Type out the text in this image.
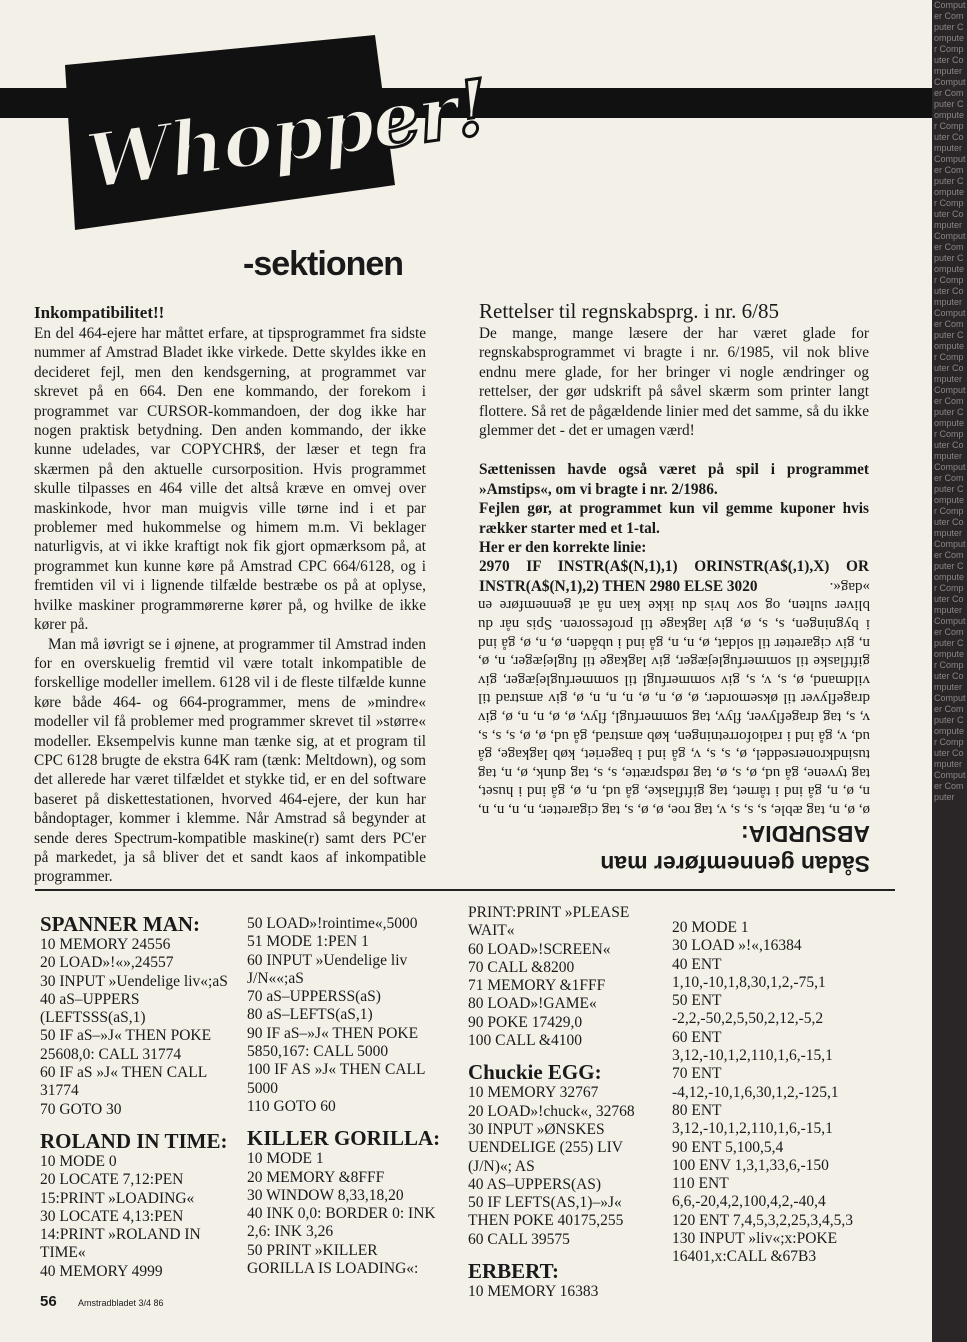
Computer Computer Computer Computer Computer Computer Computer Computer Computer Computer Computer Computer Computer Computer Computer Computer Computer Computer Computer Computer Computer Computer Computer Computer Computer Computer Computer Computer Computer Computer Computer Computer Computer Computer Computer Computer Computer Computer Computer Computer Computer Computer Computer Computer Computer Computer Computer Computer Computer Computer Computer Computer
Whopper!
-sektionen
Inkompatibilitet!!

En del 464-ejere har måttet erfare, at tipsprogrammet fra sidste nummer af Amstrad Bladet ikke virkede. Dette skyldes ikke en decideret fejl, men den kendsgerning, at programmet var skrevet på en 664. Den ene kommando, der forekom i programmet var CURSOR-kommandoen, der dog ikke har nogen praktisk betydning. Den anden kommando, der ikke kunne udelades, var COPYCHR$, der læser et tegn fra skærmen på den aktuelle cursorposition. Hvis programmet skulle tilpasses en 464 ville det altså kræve en omvej over maskinkode, hvor man muigvis ville tørne ind i et par problemer med hukommelse og himem m.m. Vi beklager naturligvis, at vi ikke kraftigt nok fik gjort opmærksom på, at programmet kun kunne køre på Amstrad CPC 664/6128, og i fremtiden vil vi i lignende tilfælde bestræbe os på at oplyse, hvilke maskiner programmørerne kører på, og hvilke de ikke kører på.

Man må iøvrigt se i øjnene, at programmer til Amstrad inden for en overskuelig fremtid vil være totalt inkompatible de forskellige modeller imellem. 6128 vil i de fleste tilfælde kunne køre både 464- og 664-programmer, mens de »mindre« modeller vil få problemer med programmer skrevet til »større« modeller. Eksempelvis kunne man tænke sig, at et program til CPC 6128 brugte de ekstra 64K ram (tænk: Meltdown), og som det allerede har været tilfældet et stykke tid, er en del software baseret på diskettestationen, hvorved 464-ejere, der kun har båndoptager, kommer i klemme. Når Amstrad så begynder at sende deres Spectrum-kompatible maskine(r) samt ders PC'er på markedet, ja så bliver det et sandt kaos af inkompatible programmer.

Rettelser til regnskabsprg. i nr. 6/85

De mange, mange læsere der har været glade for regnskabsprogrammet vi bragte i nr. 6/1985, vil nok blive endnu mere glade, for her bringer vi nogle ændringer og rettelser, der gør udskrift på såvel skærm som printer langt flottere. Så ret de pågældende linier med det samme, så du ikke glemmer det - det er umagen værd!

Sættenissen havde også været på spil i programmet »Amstips«, om vi bragte i nr. 2/1986.

Fejlen gør, at programmet kun vil gemme kuponer hvis rækker starter med et 1-tal.

Her er den korrekte linie:

2970 IF INSTR(A$(N,1),1) ORINSTR(A$(,1),X) OR INSTR(A$(N,1),2) THEN 2980 ELSE 3020

Sådan gennemfører man ABSURDIA:

ø, ø, n, tag æble, s, s, s, v, tag roe, ø, ø, s, tag cigaretter, n, n, n, n, n, ø, n, gå ind i tårnet, tag giftflaske, gå ud, n, ø, gå ind i huset, tag tyvene, gå ud, ø, s, ø, tag rødsprætte, s, s, tag dunk, ø, n, tag tusindkronerseddel, ø, s, s, v, gå ind i bageriet, køb lagkage, gå ud, v, gå ind i radioforretningen, køb amstrad, gå ud, ø, ø, s, s, s, v, s, tag drageflyver, flyv, tag sommerfugl, flyv, ø, ø, n, n, ø, giv drageflyver til øksemorder, ø, ø, n, ø, n, n, n, ø, giv amstrad til vildmand, ø, s, v, s, giv sommerfugl til sommerfuglejæger, giv giftflaske til sommerfuglejæger, giv lagkage til fuglejæger, n, ø, n, giv cigaretter til soldat, ø, n, n, gå ind i ubåden, ø, n, ø, gå ind i bygningen, s, s, ø, giv lagkage til professoren. Spis når du bliver sulten, og sov hvis du ikke kan nå at gennemføre en »dag«.

SPANNER MAN:
10 MEMORY 24556
20 LOAD»!«»,24557
30 INPUT »Uendelige liv«;aS
40 aS–UPPERS (LEFTSSS(aS,1)
50 IF aS–»J« THEN POKE 25608,0: CALL 31774
60 IF aS »J« THEN CALL 31774
70 GOTO 30
ROLAND IN TIME:
10 MODE 0
20 LOCATE 7,12:PEN 15:PRINT »LOADING«
30 LOCATE 4,13:PEN 14:PRINT »ROLAND IN TIME«
40 MEMORY 4999
50 LOAD»!rointime«,5000
51 MODE 1:PEN 1
60 INPUT »Uendelige liv J/N««;aS
70 aS–UPPERSS(aS)
80 aS–LEFTS(aS,1)
90 IF aS–»J« THEN POKE 5850,167: CALL 5000
100 IF AS »J« THEN CALL 5000
110 GOTO 60
KILLER GORILLA:
10 MODE 1
20 MEMORY &8FFF
30 WINDOW 8,33,18,20
40 INK 0,0: BORDER 0: INK 2,6: INK 3,26
50 PRINT »KILLER GORILLA IS LOADING«:
PRINT:PRINT »PLEASE WAIT«
60 LOAD»!SCREEN«
70 CALL &8200
71 MEMORY &1FFF
80 LOAD»!GAME«
90 POKE 17429,0
100 CALL &4100
Chuckie EGG:
10 MEMORY 32767
20 LOAD»!chuck«, 32768
30 INPUT »ØNSKES UENDELIGE (255) LIV (J/N)«; AS
40 AS–UPPERS(AS)
50 IF LEFTS(AS,1)–»J« THEN POKE 40175,255
60 CALL 39575
ERBERT:
10 MEMORY 16383
20 MODE 1
30 LOAD »!«,16384
40 ENT 1,10,-10,1,8,30,1,2,-75,1
50 ENT -2,2,-50,2,5,50,2,12,-5,2
60 ENT 3,12,-10,1,2,110,1,6,-15,1
70 ENT -4,12,-10,1,6,30,1,2,-125,1
80 ENT 3,12,-10,1,2,110,1,6,-15,1
90 ENT 5,100,5,4
100 ENV 1,3,1,33,6,-150
110 ENT 6,6,-20,4,2,100,4,2,-40,4
120 ENT 7,4,5,3,2,25,3,4,5,3
130 INPUT »liv«;x:POKE 16401,x:CALL &67B3
56 Amstradbladet 3/4 86
